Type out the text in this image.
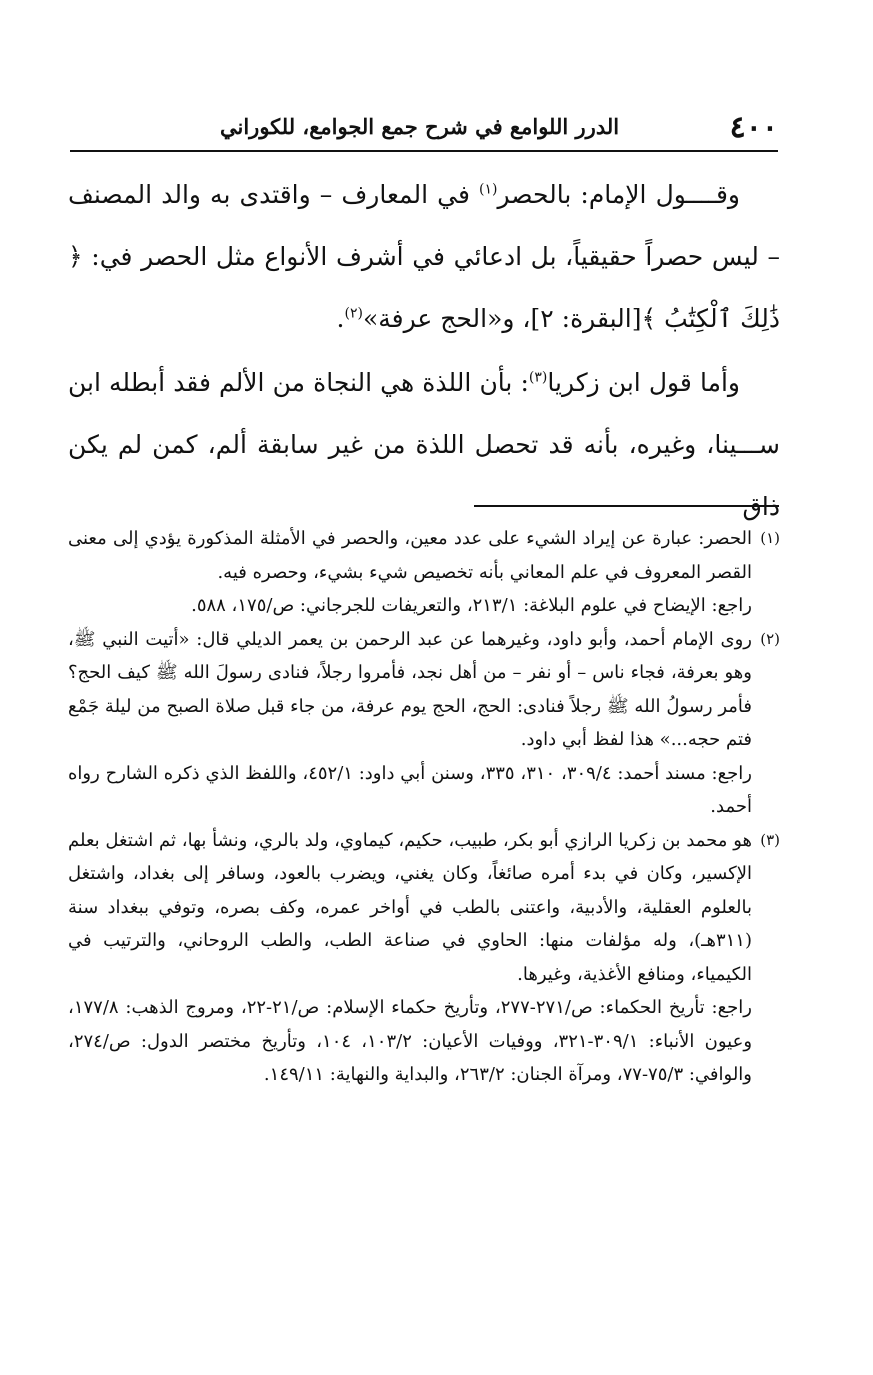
٤٠٠
الدرر اللوامع في شرح جمع الجوامع، للكوراني

وقــــول الإمام: بالحصر$^{(١)}$ في المعارف – واقتدى به والد المصنف – ليس حصراً حقيقياً، بل ادعائي في أشرف الأنواع مثل الحصر في: ﴿ ذَٰلِكَ ٱلْكِتَٰبُ ﴾[البقرة: ٢]، و«الحج عرفة»$^{(٢)}$.

وأما قول ابن زكريا$^{(٣)}$: بأن اللذة هي النجاة من الألم فقد أبطله ابن ســـينا، وغيره، بأنه قد تحصل اللذة من غير سابقة ألم، كمن لم يكن ذاق

(١)
الحصر: عبارة عن إيراد الشيء على عدد معين، والحصر في الأمثلة المذكورة يؤدي إلى معنى القصر المعروف في علم المعاني بأنه تخصيص شيء بشيء، وحصره فيه.

راجع: الإيضاح في علوم البلاغة: ٢١٣/١، والتعريفات للجرجاني: ص/١٧٥، ٥٨٨.

(٢)
روى الإمام أحمد، وأبو داود، وغيرهما عن عبد الرحمن بن يعمر الديلي قال: «أتيت النبي ﷺ، وهو بعرفة، فجاء ناس – أو نفر – من أهل نجد، فأمروا رجلاً، فنادى رسولَ الله ﷺ كيف الحج؟ فأمر رسولُ الله ﷺ رجلاً فنادى: الحج، الحج يوم عرفة، من جاء قبل صلاة الصبح من ليلة جَمْع فتم حجه...» هذا لفظ أبي داود.

راجع: مسند أحمد: ٣٠٩/٤، ٣١٠، ٣٣٥، وسنن أبي داود: ٤٥٢/١، واللفظ الذي ذكره الشارح رواه أحمد.

(٣)
هو محمد بن زكريا الرازي أبو بكر، طبيب، حكيم، كيماوي، ولد بالري، ونشأ بها، ثم اشتغل بعلم الإكسير، وكان في بدء أمره صائغاً، وكان يغني، ويضرب بالعود، وسافر إلى بغداد، واشتغل بالعلوم العقلية، والأدبية، واعتنى بالطب في أواخر عمره، وكف بصره، وتوفي ببغداد سنة (٣١١هـ)، وله مؤلفات منها: الحاوي في صناعة الطب، والطب الروحاني، والترتيب في الكيمياء، ومنافع الأغذية، وغيرها.

راجع: تأريخ الحكماء: ص/٢٧١-٢٧٧، وتأريخ حكماء الإسلام: ص/٢١-٢٢، ومروج الذهب: ١٧٧/٨، وعيون الأنباء: ٣٠٩/١-٣٢١، ووفيات الأعيان: ١٠٣/٢، ١٠٤، وتأريخ مختصر الدول: ص/٢٧٤، والوافي: ٧٥/٣-٧٧، ومرآة الجنان: ٢٦٣/٢، والبداية والنهاية: ١٤٩/١١.
